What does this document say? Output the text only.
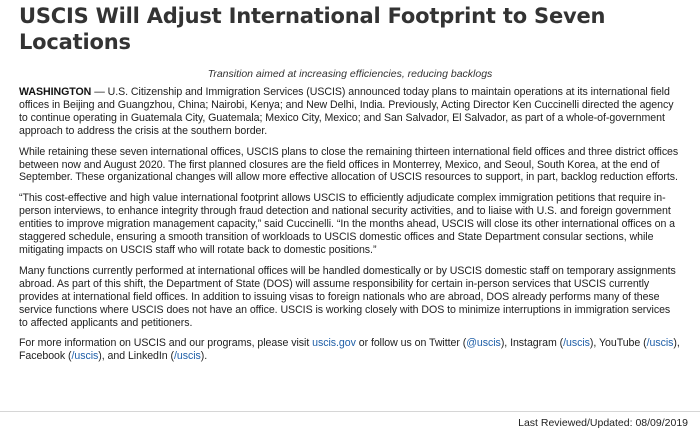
USCIS Will Adjust International Footprint to Seven Locations
Transition aimed at increasing efficiencies, reducing backlogs

WASHINGTON — U.S. Citizenship and Immigration Services (USCIS) announced today plans to maintain operations at its international field offices in Beijing and Guangzhou, China; Nairobi, Kenya; and New Delhi, India. Previously, Acting Director Ken Cuccinelli directed the agency to continue operating in Guatemala City, Guatemala; Mexico City, Mexico; and San Salvador, El Salvador, as part of a whole-of-government approach to address the crisis at the southern border.

While retaining these seven international offices, USCIS plans to close the remaining thirteen international field offices and three district offices between now and August 2020. The first planned closures are the field offices in Monterrey, Mexico, and Seoul, South Korea, at the end of September. These organizational changes will allow more effective allocation of USCIS resources to support, in part, backlog reduction efforts.

“This cost-effective and high value international footprint allows USCIS to efficiently adjudicate complex immigration petitions that require in-person interviews, to enhance integrity through fraud detection and national security activities, and to liaise with U.S. and foreign government entities to improve migration management capacity,” said Cuccinelli. “In the months ahead, USCIS will close its other international offices on a staggered schedule, ensuring a smooth transition of workloads to USCIS domestic offices and State Department consular sections, while mitigating impacts on USCIS staff who will rotate back to domestic positions.”

Many functions currently performed at international offices will be handled domestically or by USCIS domestic staff on temporary assignments abroad. As part of this shift, the Department of State (DOS) will assume responsibility for certain in-person services that USCIS currently provides at international field offices. In addition to issuing visas to foreign nationals who are abroad, DOS already performs many of these service functions where USCIS does not have an office. USCIS is working closely with DOS to minimize interruptions in immigration services to affected applicants and petitioners.

For more information on USCIS and our programs, please visit uscis.gov or follow us on Twitter (@uscis), Instagram (/uscis), YouTube (/uscis), Facebook (/uscis), and LinkedIn (/uscis).

Last Reviewed/Updated: 08/09/2019
